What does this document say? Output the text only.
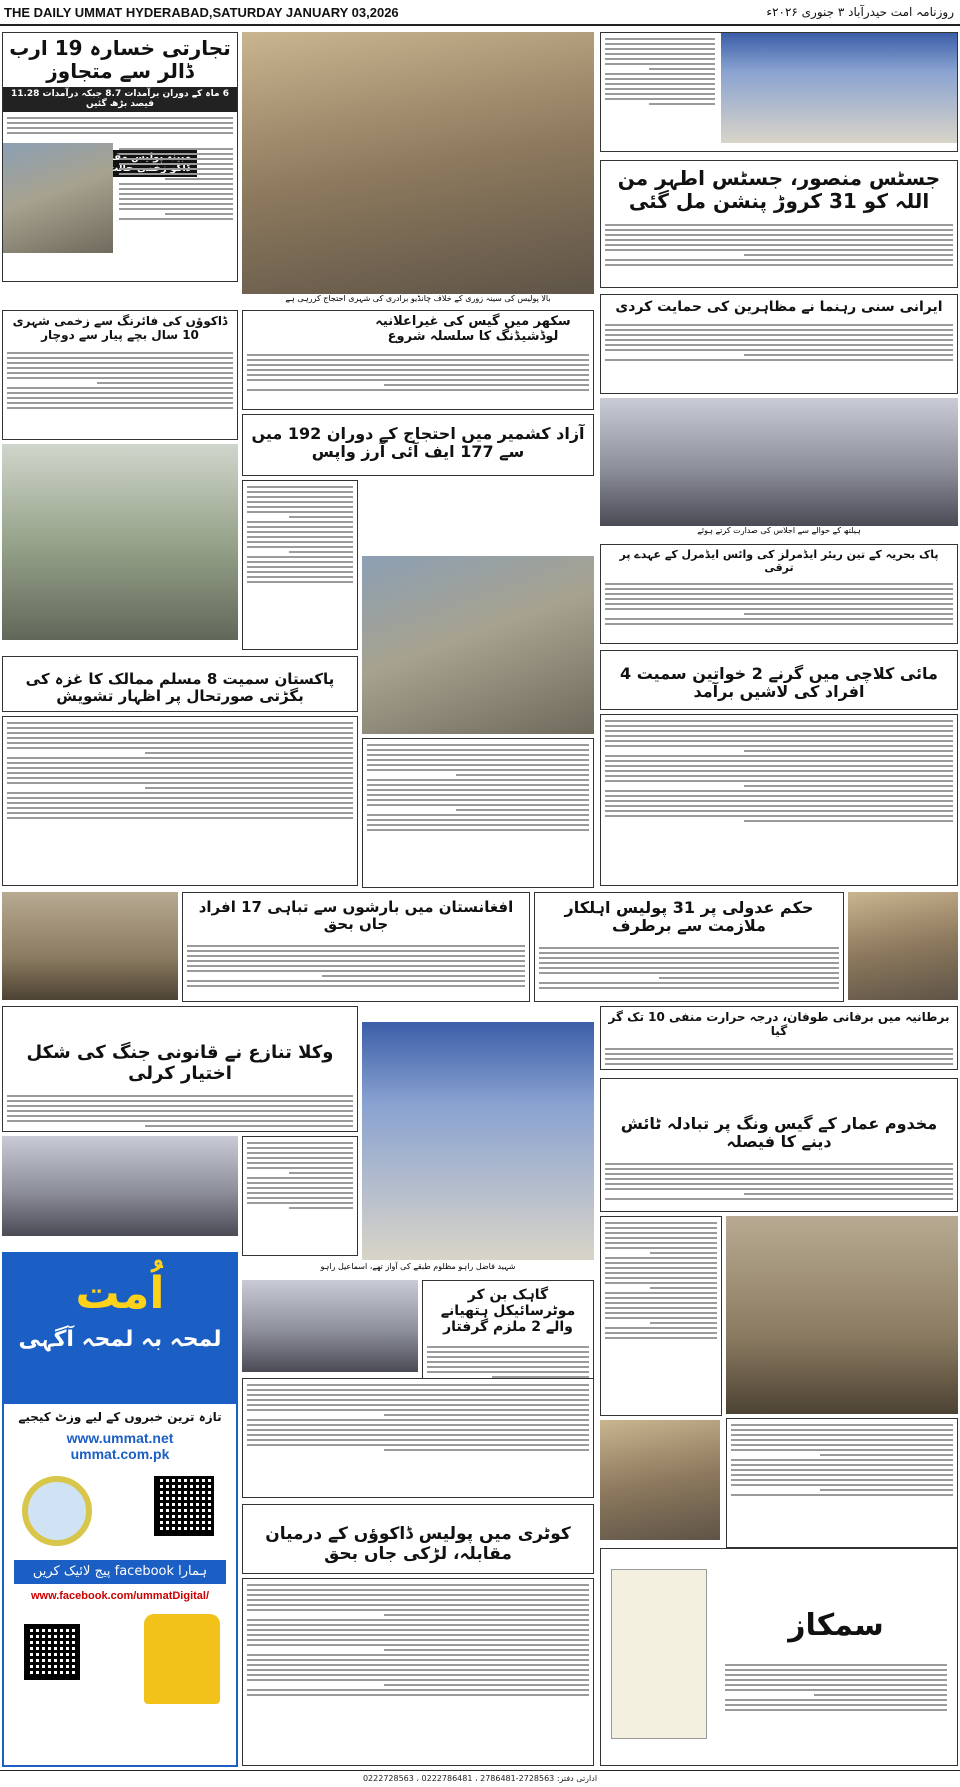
THE DAILY UMMAT HYDERABAD,SATURDAY JANUARY 03,2026	روزنامہ امت حیدرآباد ۳ جنوری ۲۰۲۶ء
تجارتی خسارہ 19 ارب ڈالر سے متجاوز
6 ماہ کے دوران برآمدات 8.7 جبکہ درآمدات 11.28 فیصد بڑھ گئیں
بالا پولیس کی سینہ زوری کے خلاف چانڈیو برادری کی شہری احتجاج کررہی ہے
جسٹس منصور، جسٹس اطہر من اللہ کو 31 کروڑ پنشن مل گئی
ایرانی سنی رہنما نے مظاہرین کی حمایت کردی
ڈاکوؤں کی فائرنگ سے زخمی شہری 10 سال بچے پیار سے دوچار
سکھر میں گیس کی غیراعلانیہ لوڈشیڈنگ کا سلسلہ شروع
آزاد کشمیر میں احتجاج کے دوران 192 میں سے 177 ایف آئی آرز واپس
ہیلتھ کے حوالے سے اجلاس کی صدارت کرتے ہوئے
پاک بحریہ کے تین ریئر ایڈمرلز کی وائس ایڈمرل کے عہدے پر ترقی
پاکستان سمیت 8 مسلم ممالک کا غزہ کی بگڑتی صورتحال پر اظہار تشویش
مائی کلاچی میں گرنے 2 خواتین سمیت 4 افراد کی لاشیں برآمد
افغانستان میں بارشوں سے تباہی 17 افراد جاں بحق
حکم عدولی پر 31 پولیس اہلکار ملازمت سے برطرف
وکلا تنازع نے قانونی جنگ کی شکل اختیار کرلی
شہید فاضل راہو مظلوم طبقے کی آواز تھے، اسماعیل راہو
برطانیہ میں برفانی طوفان، درجہ حرارت منفی 10 تک گر گیا
مخدوم عمار کے گیس ونگ پر تبادلہ ٹائش دینے کا فیصلہ
اُمت
لمحہ بہ لمحہ آگہی
تازہ ترین خبروں کے لیے وزٹ کیجیے
www.ummat.net
ummat.com.pk
ہمارا facebook پیج لائیک کریں
www.facebook.com/ummatDigital/
گاہک بن کر موٹرسائیکل ہتھیانے والے 2 ملزم گرفتار
کوٹری میں پولیس ڈاکوؤں کے درمیان مقابلہ، لڑکی جاں بحق
سمکاز
ادارتی دفتر: 2728563-2786481 ، 0222786481 ، 0222728563
